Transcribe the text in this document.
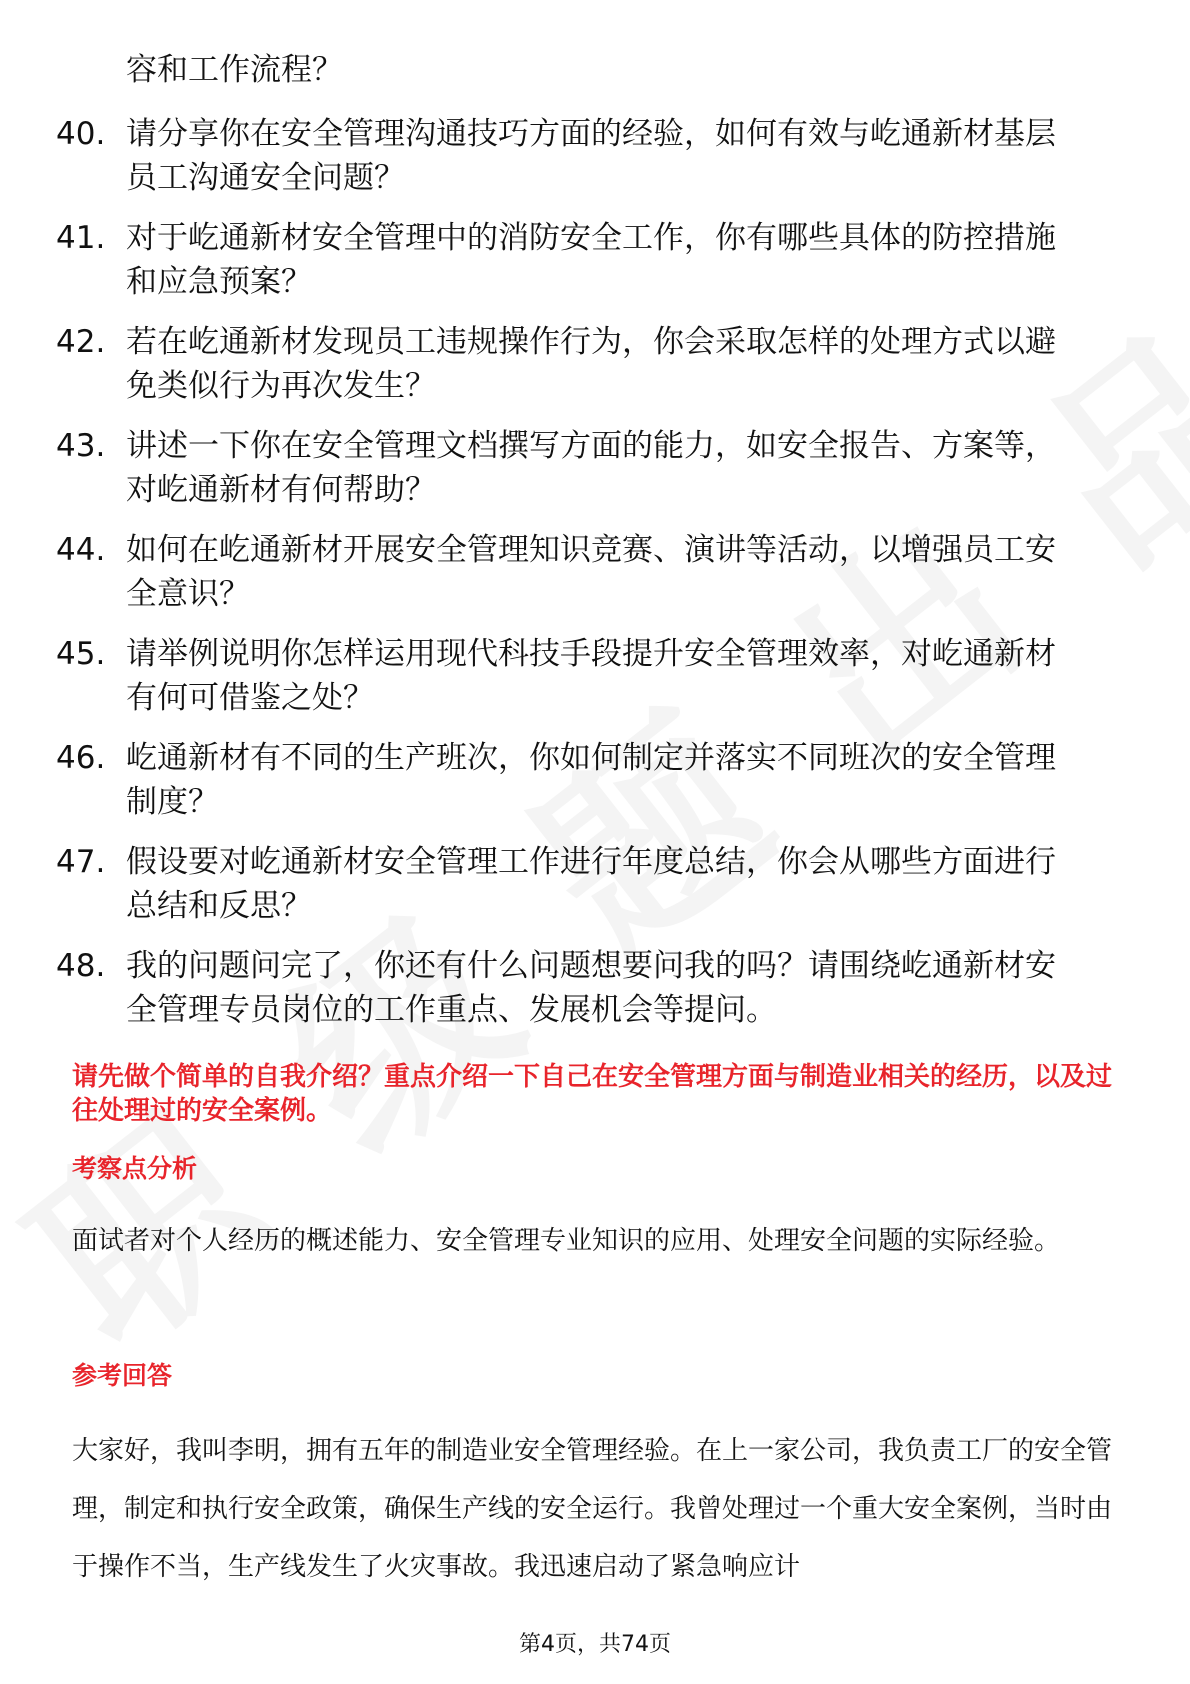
容和工作流程？
40. 请分享你在安全管理沟通技巧方面的经验，如何有效与屹通新材基层员工沟通安全问题？
41. 对于屹通新材安全管理中的消防安全工作，你有哪些具体的防控措施和应急预案？
42. 若在屹通新材发现员工违规操作行为，你会采取怎样的处理方式以避免类似行为再次发生？
43. 讲述一下你在安全管理文档撰写方面的能力，如安全报告、方案等，对屹通新材有何帮助？
44. 如何在屹通新材开展安全管理知识竞赛、演讲等活动，以增强员工安全意识？
45. 请举例说明你怎样运用现代科技手段提升安全管理效率，对屹通新材有何可借鉴之处？
46. 屹通新材有不同的生产班次，你如何制定并落实不同班次的安全管理制度？
47. 假设要对屹通新材安全管理工作进行年度总结，你会从哪些方面进行总结和反思？
48. 我的问题问完了，你还有什么问题想要问我的吗？请围绕屹通新材安全管理专员岗位的工作重点、发展机会等提问。
请先做个简单的自我介绍？重点介绍一下自己在安全管理方面与制造业相关的经历，以及过往处理过的安全案例。
考察点分析
面试者对个人经历的概述能力、安全管理专业知识的应用、处理安全问题的实际经验。
参考回答
大家好，我叫李明，拥有五年的制造业安全管理经验。在上一家公司，我负责工厂的安全管理，制定和执行安全政策，确保生产线的安全运行。我曾处理过一个重大安全案例，当时由于操作不当，生产线发生了火灾事故。我迅速启动了紧急响应计
第4页，共74页
